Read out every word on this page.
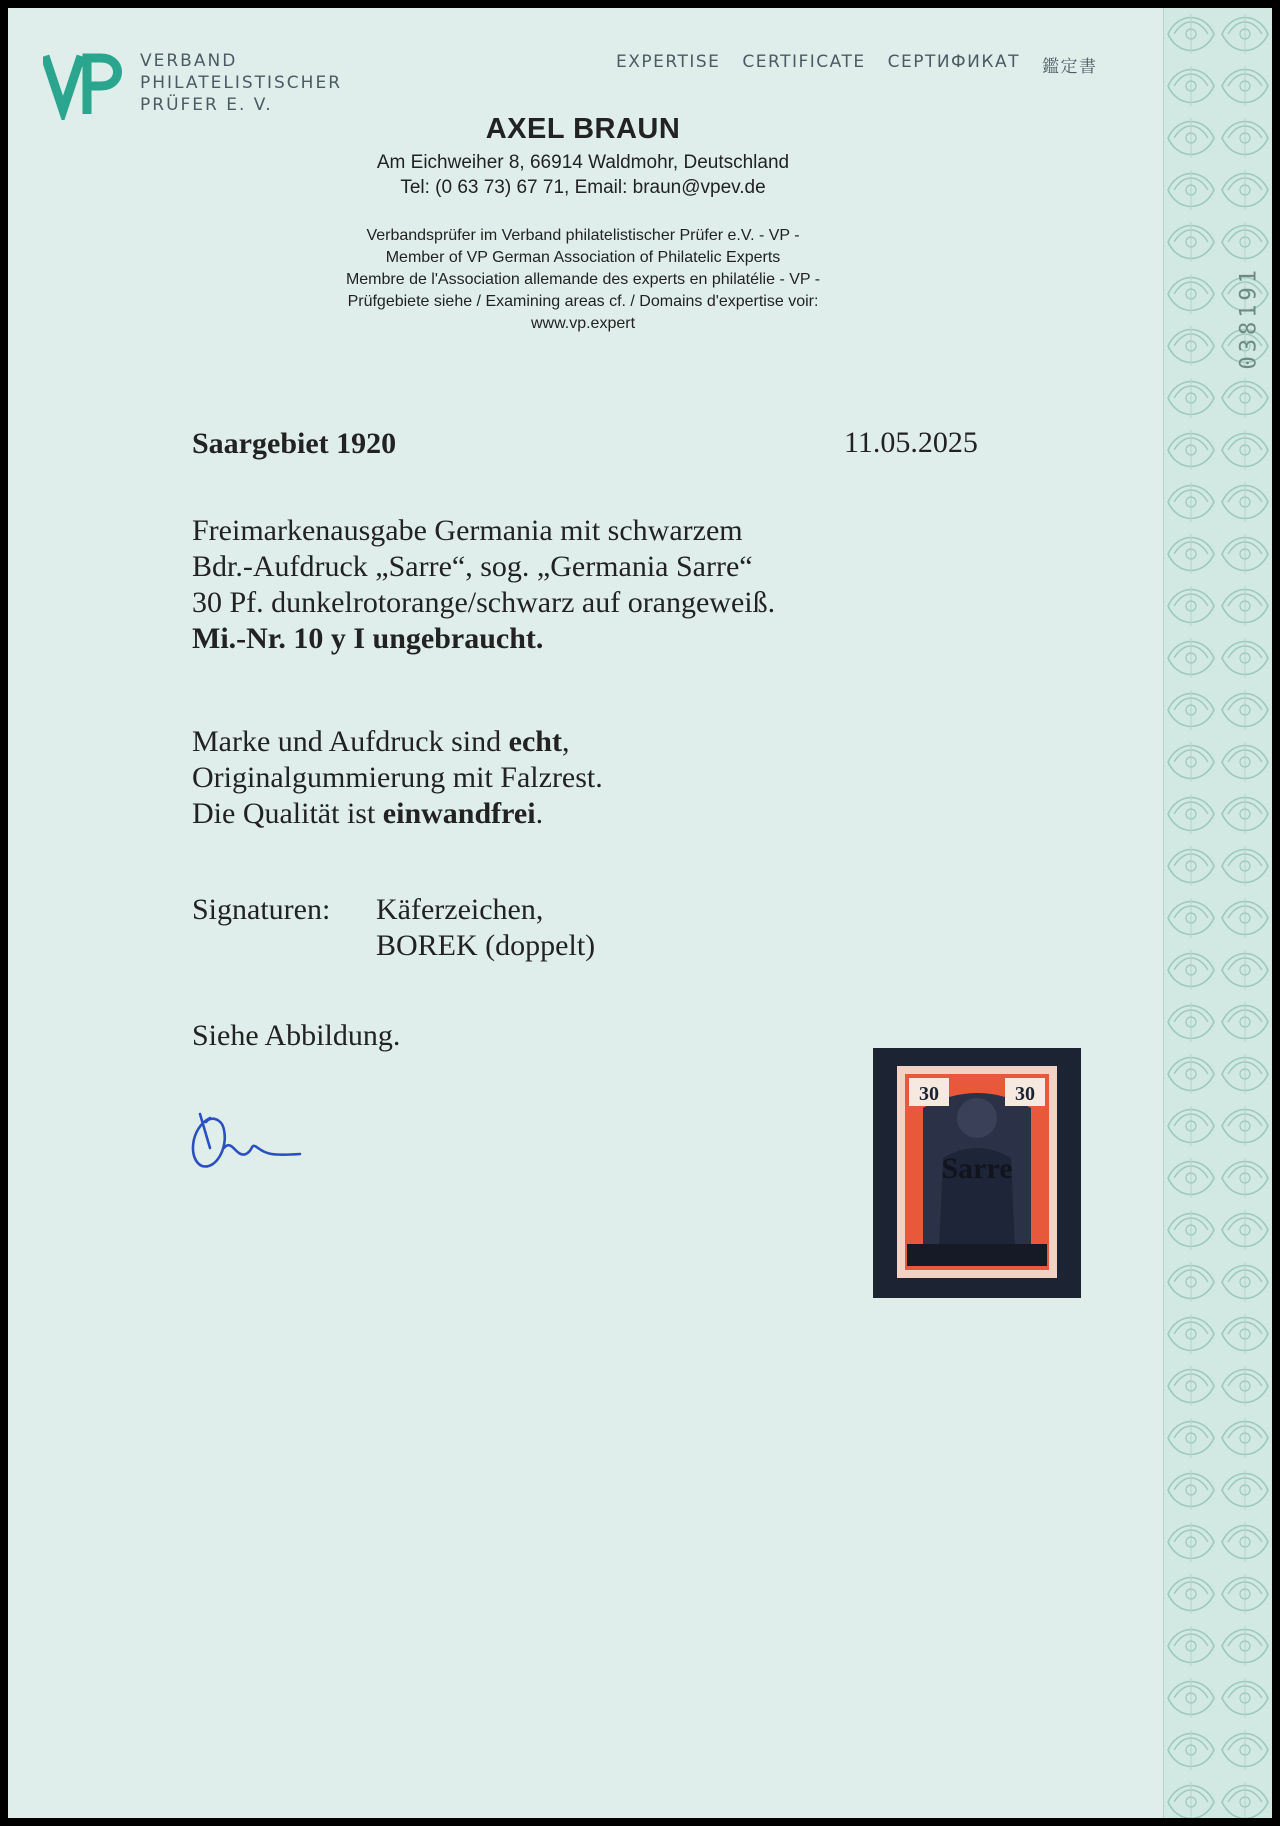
038191
VERBAND
PHILATELISTISCHER
PRÜFER E. V.
EXPERTISE CERTIFICATE СЕРТИФИКАТ 鑑定書
AXEL BRAUN
Am Eichweiher 8, 66914 Waldmohr, Deutschland
Tel: (0 63 73) 67 71, Email: braun@vpev.de
Verbandsprüfer im Verband philatelistischer Prüfer e.V. - VP -
Member of VP German Association of Philatelic Experts
Membre de l'Association allemande des experts en philatélie - VP -
Prüfgebiete siehe / Examining areas cf. / Domains d'expertise voir:
www.vp.expert
Saargebiet 1920	11.05.2025
Freimarkenausgabe Germania mit schwarzem
Bdr.-Aufdruck „Sarre“, sog. „Germania Sarre“
30 Pf. dunkelrotorange/schwarz auf orangeweiß.
Mi.-Nr. 10 y I ungebraucht.
Marke und Aufdruck sind echt,
Originalgummierung mit Falzrest.
Die Qualität ist einwandfrei.
Signaturen: Käferzeichen,
BOREK (doppelt)
Siehe Abbildung.
30	30
Sarre
